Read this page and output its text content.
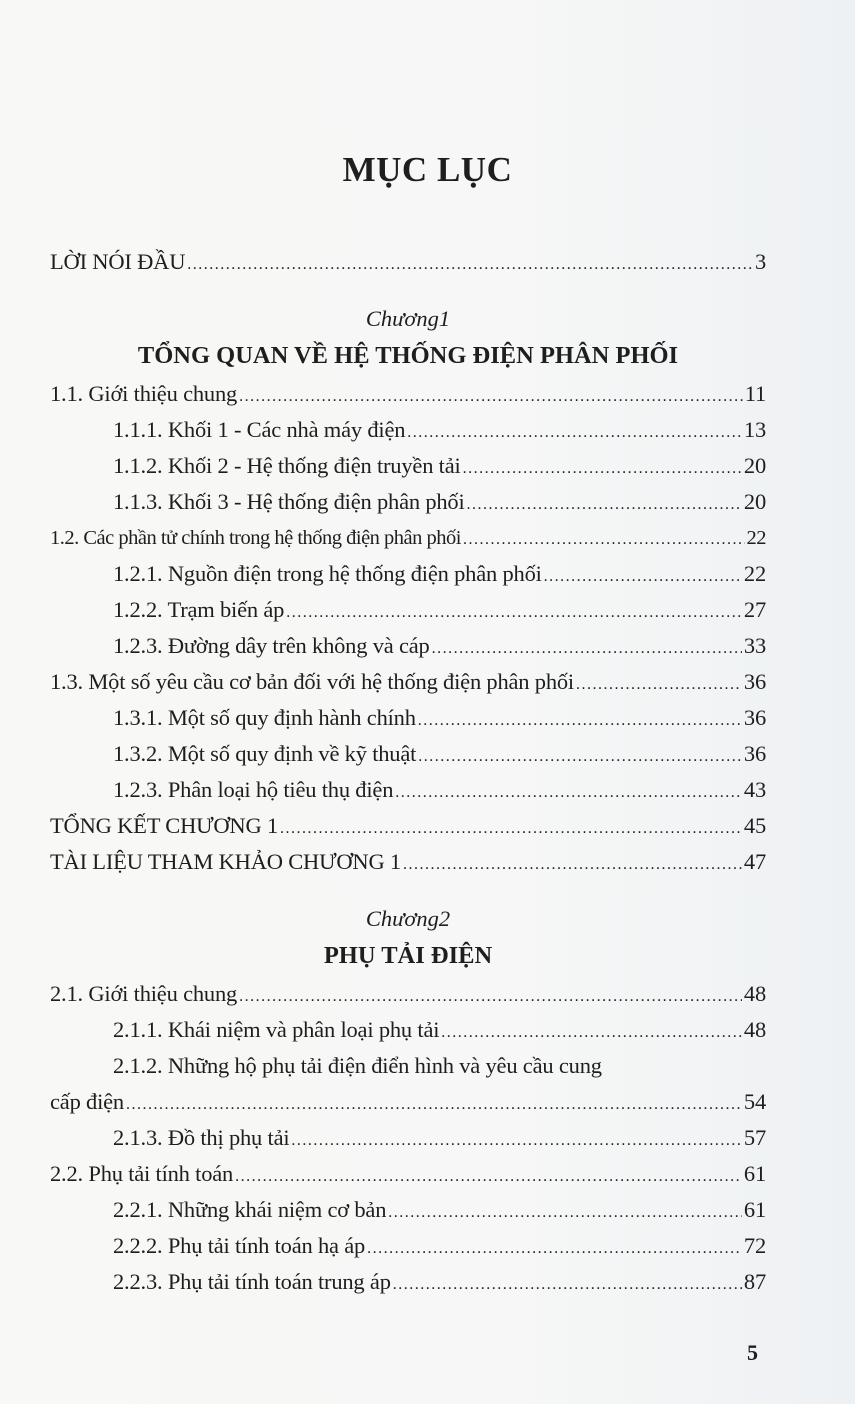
MỤC LỤC
LỜI NÓI ĐẦU .....	3
Chương1
TỔNG QUAN VỀ HỆ THỐNG ĐIỆN PHÂN PHỐI
1.1. Giới thiệu chung .....	11
1.1.1. Khối 1 - Các nhà máy điện .....	13
1.1.2. Khối 2 - Hệ thống điện truyền tải .....	20
1.1.3. Khối 3 - Hệ thống điện phân phối .....	20
1.2. Các phần tử chính trong hệ thống điện phân phối .....	22
1.2.1. Nguồn điện trong hệ thống điện phân phối .....	22
1.2.2. Trạm biến áp .....	27
1.2.3. Đường dây trên không và cáp .....	33
1.3. Một số yêu cầu cơ bản đối với hệ thống điện phân phối .....	36
1.3.1. Một số quy định hành chính .....	36
1.3.2. Một số quy định về kỹ thuật .....	36
1.2.3. Phân loại hộ tiêu thụ điện .....	43
TỔNG KẾT CHƯƠNG 1 .....	45
TÀI LIỆU THAM KHẢO CHƯƠNG 1 .....	47
Chương2
PHỤ TẢI ĐIỆN
2.1. Giới thiệu chung .....	48
2.1.1. Khái niệm và phân loại phụ tải .....	48
2.1.2. Những hộ phụ tải điện điển hình và yêu cầu cung
cấp điện .....	54
2.1.3. Đồ thị phụ tải .....	57
2.2. Phụ tải tính toán .....	61
2.2.1. Những khái niệm cơ bản .....	61
2.2.2. Phụ tải tính toán hạ áp .....	72
2.2.3. Phụ tải tính toán trung áp .....	87
5
